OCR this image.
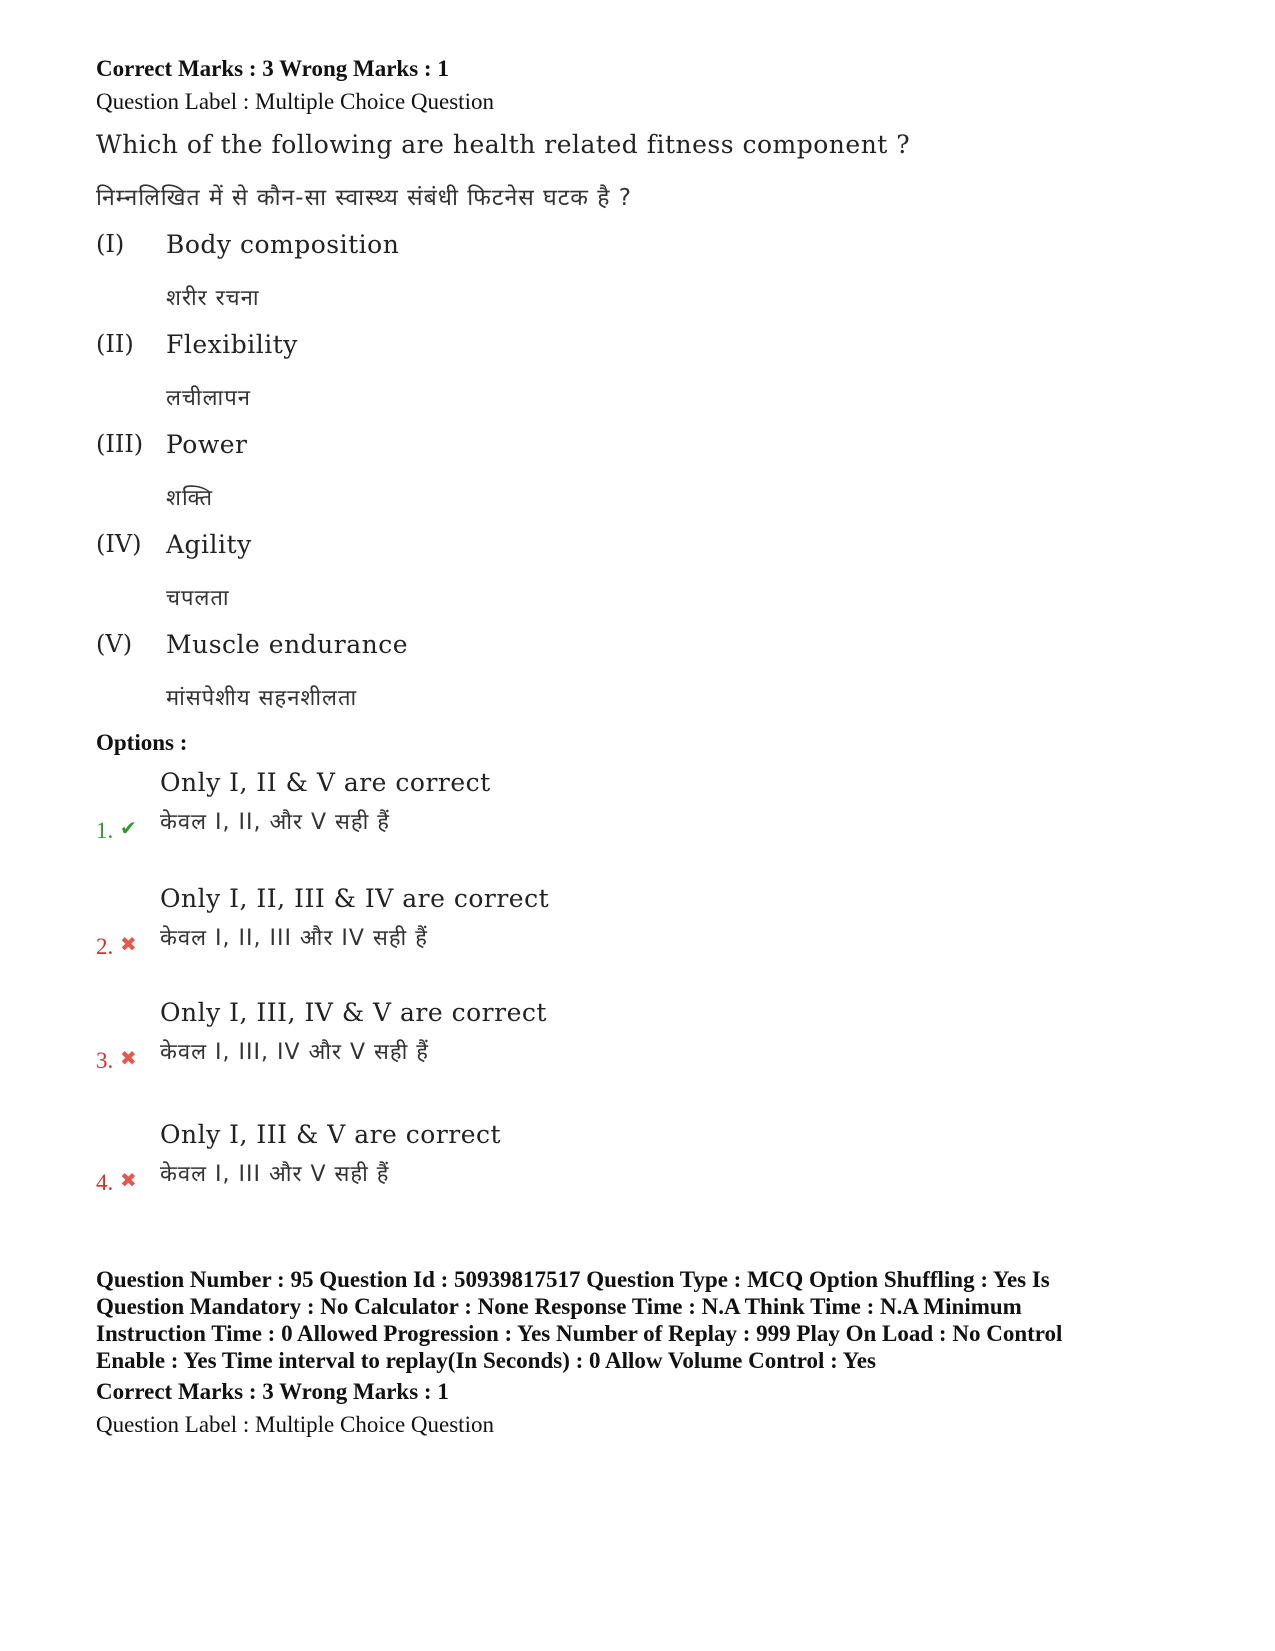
Correct Marks : 3 Wrong Marks : 1
Question Label : Multiple Choice Question
Which of the following are health related fitness component ?
निम्नलिखित में से कौन-सा स्वास्थ्य संबंधी फिटनेस घटक है ?
(I) Body composition
शरीर रचना
(II) Flexibility
लचीलापन
(III) Power
शक्ति
(IV) Agility
चपलता
(V) Muscle endurance
मांसपेशीय सहनशीलता
Options :
1. ✔
Only I, II & V are correct
केवल I, II, और V सही हैं
2. ✖
Only I, II, III & IV are correct
केवल I, II, III और IV सही हैं
3. ✖
Only I, III, IV & V are correct
केवल I, III, IV और V सही हैं
4. ✖
Only I, III & V are correct
केवल I, III और V सही हैं
Question Number : 95 Question Id : 50939817517 Question Type : MCQ Option Shuffling : Yes Is Question Mandatory : No Calculator : None Response Time : N.A Think Time : N.A Minimum Instruction Time : 0 Allowed Progression : Yes Number of Replay : 999 Play On Load : No Control Enable : Yes Time interval to replay(In Seconds) : 0 Allow Volume Control : Yes
Correct Marks : 3 Wrong Marks : 1
Question Label : Multiple Choice Question
